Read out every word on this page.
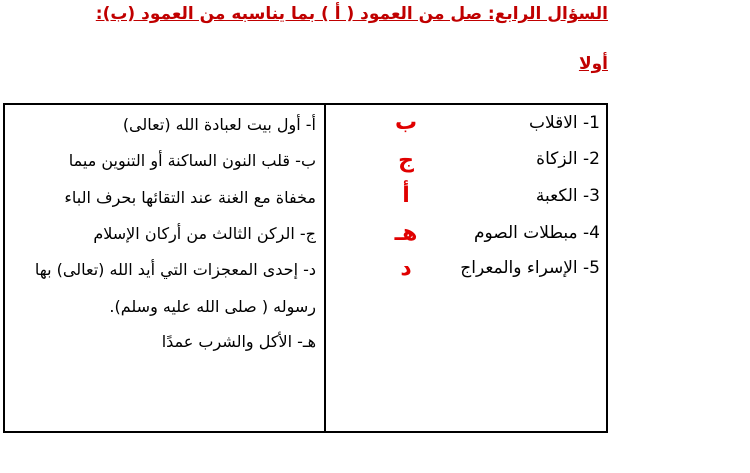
السؤال الرابع: صل من العمود ( أ ) بما يناسبه من العمود (ب):
أولا
1- الاقلاب
2- الزكاة
3- الكعبة
4- مبطلات الصوم
5- الإسراء والمعراج
ب
ج
أ
هـ
د
أ- أول بيت لعبادة الله (تعالى)
ب- قلب النون الساكنة أو التنوين ميما
مخفاة مع الغنة عند التقائها بحرف الباء
ج- الركن الثالث من أركان الإسلام
د- إحدى المعجزات التي أيد الله (تعالى) بها
رسوله ( صلى الله عليه وسلم).
هـ- الأكل والشرب عمدًا
